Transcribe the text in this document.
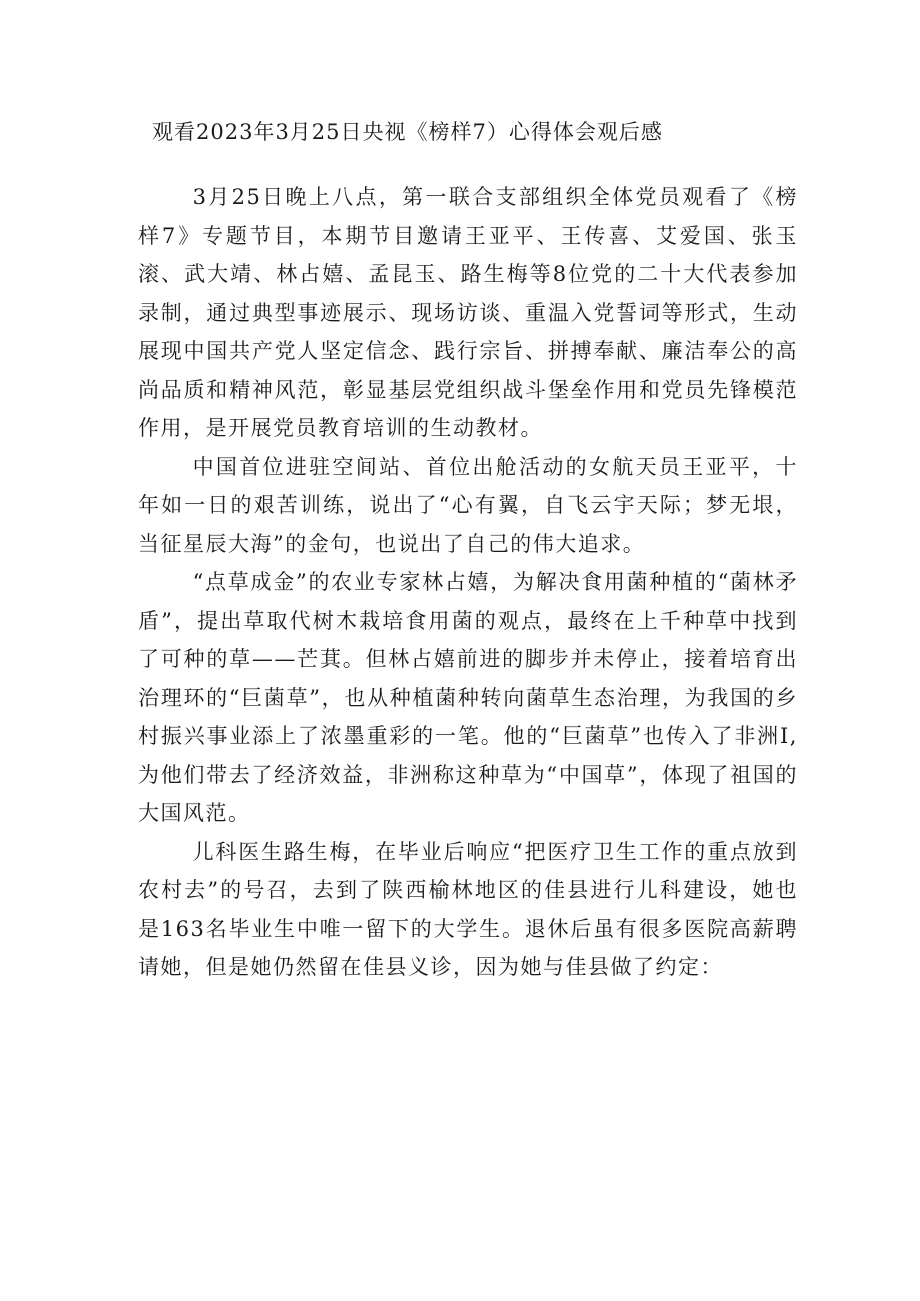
观看2023年3月25日央视《榜样7）心得体会观后感

3月25日晚上八点，第一联合支部组织全体党员观看了《榜样7》专题节目，本期节目邀请王亚平、王传喜、艾爱国、张玉滚、武大靖、林占嬉、孟昆玉、路生梅等8位党的二十大代表参加录制，通过典型事迹展示、现场访谈、重温入党誓词等形式，生动展现中国共产党人坚定信念、践行宗旨、拼搏奉献、廉洁奉公的高尚品质和精神风范，彰显基层党组织战斗堡垒作用和党员先锋模范作用，是开展党员教育培训的生动教材。

中国首位进驻空间站、首位出舱活动的女航天员王亚平，十年如一日的艰苦训练，说出了“心有翼，自飞云宇天际；梦无垠，当征星辰大海”的金句，也说出了自己的伟大追求。

“点草成金”的农业专家林占嬉，为解决食用菌种植的“菌林矛盾”，提出草取代树木栽培食用菌的观点，最终在上千种草中找到了可种的草——芒萁。但林占嬉前进的脚步并未停止，接着培育出治理环的“巨菌草”，也从种植菌种转向菌草生态治理，为我国的乡村振兴事业添上了浓墨重彩的一笔。他的“巨菌草”也传入了非洲I,为他们带去了经济效益，非洲称这种草为“中国草”，体现了祖国的大国风范。

儿科医生路生梅，在毕业后响应“把医疗卫生工作的重点放到农村去”的号召，去到了陕西榆林地区的佳县进行儿科建设，她也是163名毕业生中唯一留下的大学生。退休后虽有很多医院高薪聘请她，但是她仍然留在佳县义诊，因为她与佳县做了约定：
